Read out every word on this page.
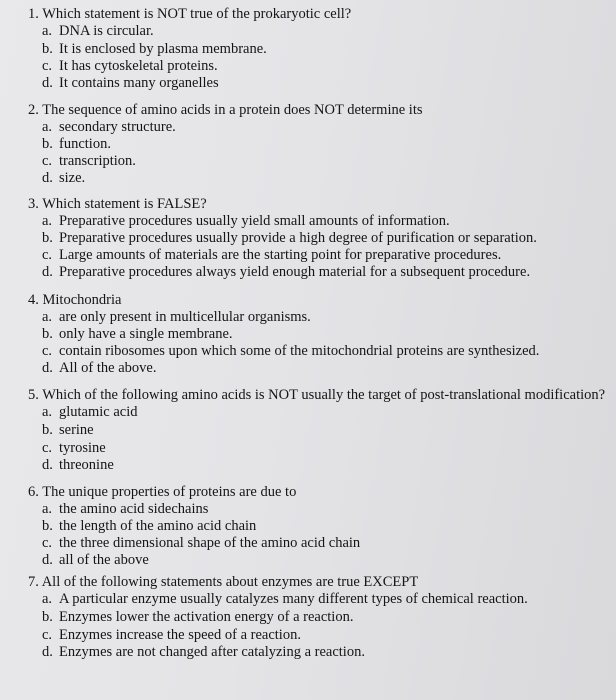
1. Which statement is NOT true of the prokaryotic cell?
a. DNA is circular.
b. It is enclosed by plasma membrane.
c. It has cytoskeletal proteins.
d. It contains many organelles
2. The sequence of amino acids in a protein does NOT determine its
a. secondary structure.
b. function.
c. transcription.
d. size.
3. Which statement is FALSE?
a. Preparative procedures usually yield small amounts of information.
b. Preparative procedures usually provide a high degree of purification or separation.
c. Large amounts of materials are the starting point for preparative procedures.
d. Preparative procedures always yield enough material for a subsequent procedure.
4. Mitochondria
a. are only present in multicellular organisms.
b. only have a single membrane.
c. contain ribosomes upon which some of the mitochondrial proteins are synthesized.
d. All of the above.
5. Which of the following amino acids is NOT usually the target of post-translational modification?
a. glutamic acid
b. serine
c. tyrosine
d. threonine
6. The unique properties of proteins are due to
a. the amino acid sidechains
b. the length of the amino acid chain
c. the three dimensional shape of the amino acid chain
d. all of the above
7. All of the following statements about enzymes are true EXCEPT
a. A particular enzyme usually catalyzes many different types of chemical reaction.
b. Enzymes lower the activation energy of a reaction.
c. Enzymes increase the speed of a reaction.
d. Enzymes are not changed after catalyzing a reaction.
